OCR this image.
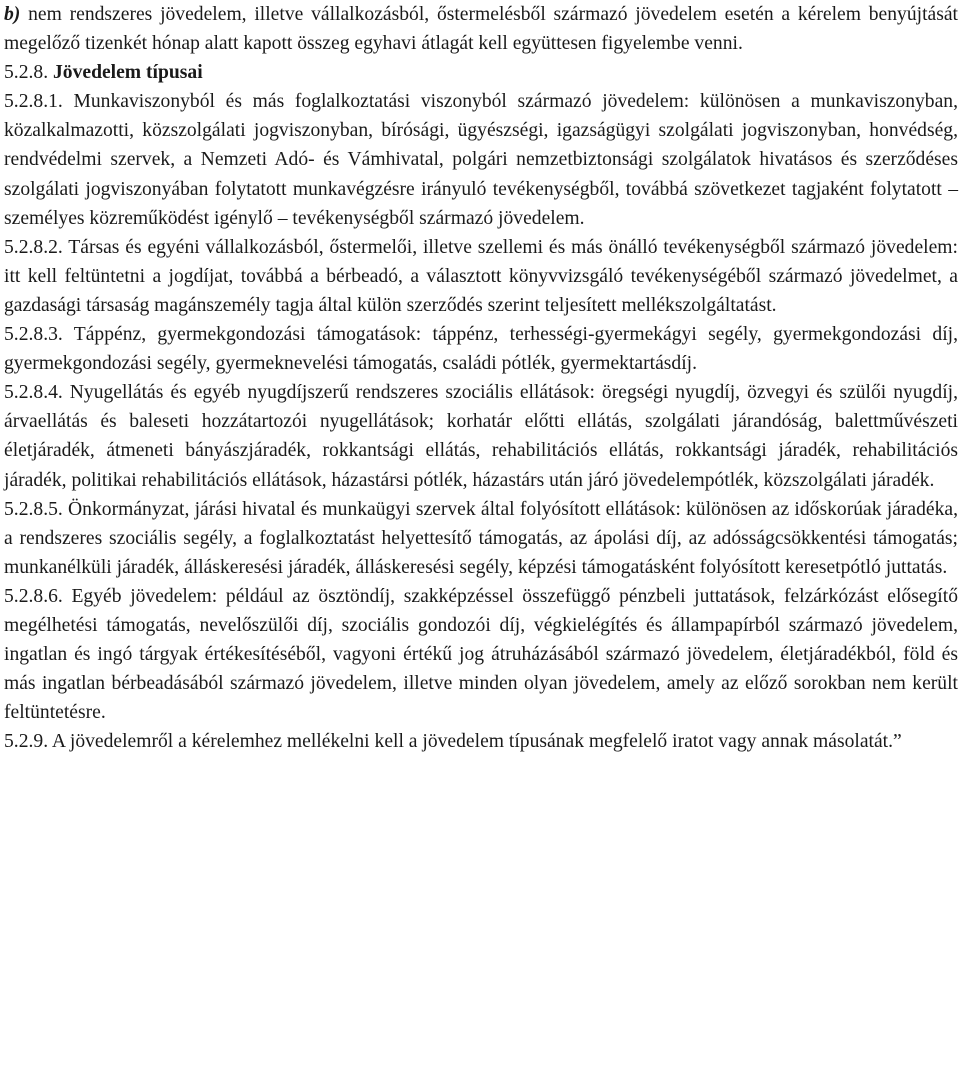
b) nem rendszeres jövedelem, illetve vállalkozásból, őstermelésből származó jövedelem esetén a kérelem benyújtását megelőző tizenkét hónap alatt kapott összeg egyhavi átlagát kell együttesen figyelembe venni.

5.2.8. Jövedelem típusai

5.2.8.1. Munkaviszonyból és más foglalkoztatási viszonyból származó jövedelem: különösen a munkaviszonyban, közalkalmazotti, közszolgálati jogviszonyban, bírósági, ügyészségi, igazságügyi szolgálati jogviszonyban, honvédség, rendvédelmi szervek, a Nemzeti Adó- és Vámhivatal, polgári nemzetbiztonsági szolgálatok hivatásos és szerződéses szolgálati jogviszonyában folytatott munkavégzésre irányuló tevékenységből, továbbá szövetkezet tagjaként folytatott – személyes közreműködést igénylő – tevékenységből származó jövedelem.

5.2.8.2. Társas és egyéni vállalkozásból, őstermelői, illetve szellemi és más önálló tevékenységből származó jövedelem: itt kell feltüntetni a jogdíjat, továbbá a bérbeadó, a választott könyvvizsgáló tevékenységéből származó jövedelmet, a gazdasági társaság magánszemély tagja által külön szerződés szerint teljesített mellékszolgáltatást.

5.2.8.3. Táppénz, gyermekgondozási támogatások: táppénz, terhességi-gyermekágyi segély, gyermekgondozási díj, gyermekgondozási segély, gyermeknevelési támogatás, családi pótlék, gyermektartásdíj.

5.2.8.4. Nyugellátás és egyéb nyugdíjszerű rendszeres szociális ellátások: öregségi nyugdíj, özvegyi és szülői nyugdíj, árvaellátás és baleseti hozzátartozói nyugellátások; korhatár előtti ellátás, szolgálati járandóság, balettművészeti életjáradék, átmeneti bányászjáradék, rokkantsági ellátás, rehabilitációs ellátás, rokkantsági járadék, rehabilitációs járadék, politikai rehabilitációs ellátások, házastársi pótlék, házastárs után járó jövedelempótlék, közszolgálati járadék.

5.2.8.5. Önkormányzat, járási hivatal és munkaügyi szervek által folyósított ellátások: különösen az időskorúak járadéka, a rendszeres szociális segély, a foglalkoztatást helyettesítő támogatás, az ápolási díj, az adósságcsökkentési támogatás; munkanélküli járadék, álláskeresési járadék, álláskeresési segély, képzési támogatásként folyósított keresetpótló juttatás.

5.2.8.6. Egyéb jövedelem: például az ösztöndíj, szakképzéssel összefüggő pénzbeli juttatások, felzárkózást elősegítő megélhetési támogatás, nevelőszülői díj, szociális gondozói díj, végkielégítés és állampapírból származó jövedelem, ingatlan és ingó tárgyak értékesítéséből, vagyoni értékű jog átruházásából származó jövedelem, életjáradékból, föld és más ingatlan bérbeadásából származó jövedelem, illetve minden olyan jövedelem, amely az előző sorokban nem került feltüntetésre.

5.2.9. A jövedelemről a kérelemhez mellékelni kell a jövedelem típusának megfelelő iratot vagy annak másolatát.”
